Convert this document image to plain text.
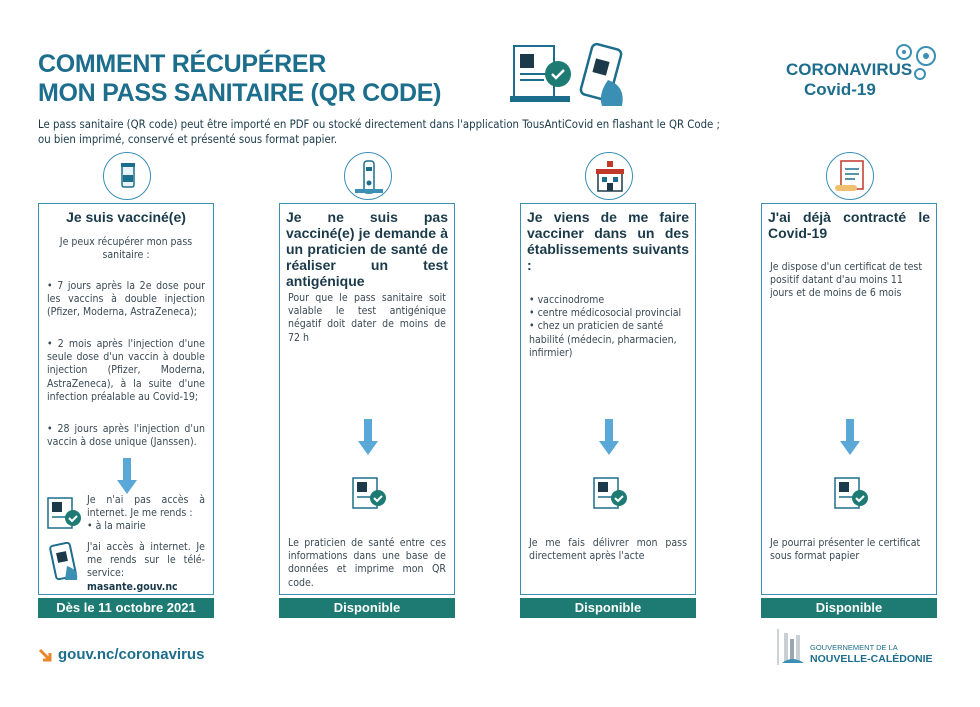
COMMENT RÉCUPÉRER
MON PASS SANITAIRE (QR CODE)
CORONAVIRUS
Covid-19
Le pass sanitaire (QR code) peut être importé en PDF ou stocké directement dans l'application TousAntiCovid en flashant le QR Code ;
ou bien imprimé, conservé et présenté sous format papier.
Je suis vacciné(e)
Je peux récupérer mon pass sanitaire :
• 7 jours après la 2e dose pour les vaccins à double injection (Pfizer, Moderna, AstraZeneca);
• 2 mois après l'injection d'une seule dose d'un vaccin à double injection (Pfizer, Moderna, AstraZeneca), à la suite d'une infection préalable au Covid-19;
• 28 jours après l'injection d'un vaccin à dose unique (Janssen).
Je n'ai pas accès à internet. Je me rends :
• à la mairie
J'ai accès à internet. Je me rends sur le télé-service:
masante.gouv.nc
Dès le 11 octobre 2021
Je ne suis pas vacciné(e) je demande à un praticien de santé de réaliser un test antigénique
Pour que le pass sanitaire soit valable le test antigénique négatif doit dater de moins de 72 h
Le praticien de santé entre ces informations dans une base de données et imprime mon QR code.
Disponible
Je viens de me faire vacciner dans un des établissements suivants :
• vaccinodrome
• centre médicosocial provincial
• chez un praticien de santé habilité (médecin, pharmacien, infirmier)
Je me fais délivrer mon pass directement après l'acte
Disponible
J'ai déjà contracté le Covid-19
Je dispose d'un certificat de test positif datant d'au moins 11 jours et de moins de 6 mois
Je pourrai présenter le certificat sous format papier
Disponible
gouv.nc/coronavirus	GOUVERNEMENT DE LA
NOUVELLE-CALÉDONIE
